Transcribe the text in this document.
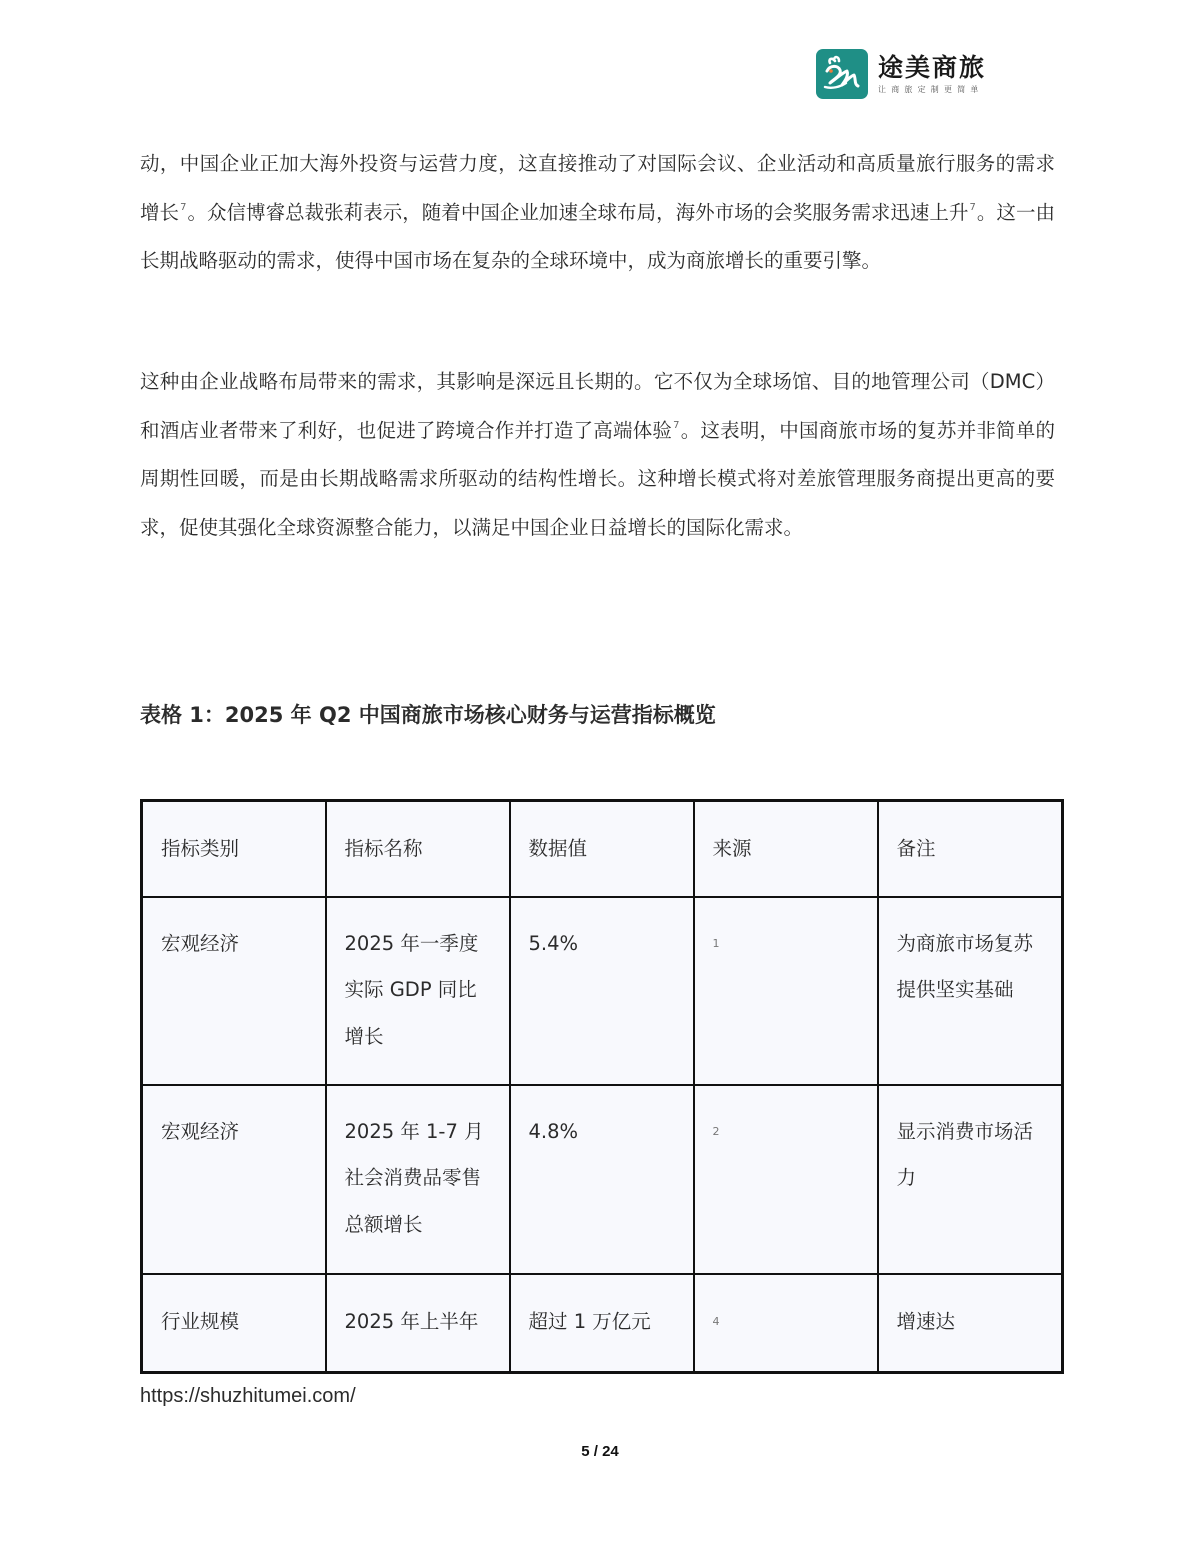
途美商旅
让商旅定制更简单

动，中国企业正加大海外投资与运营力度，这直接推动了对国际会议、企业活动和高质量旅行服务的需求增长$^7$。众信博睿总裁张莉表示，随着中国企业加速全球布局，海外市场的会奖服务需求迅速上升$^7$。这一由长期战略驱动的需求，使得中国市场在复杂的全球环境中，成为商旅增长的重要引擎。

这种由企业战略布局带来的需求，其影响是深远且长期的。它不仅为全球场馆、目的地管理公司（DMC）和酒店业者带来了利好，也促进了跨境合作并打造了高端体验$^7$。这表明，中国商旅市场的复苏并非简单的周期性回暖，而是由长期战略需求所驱动的结构性增长。这种增长模式将对差旅管理服务商提出更高的要求，促使其强化全球资源整合能力，以满足中国企业日益增长的国际化需求。

表格 1：2025 年 Q2 中国商旅市场核心财务与运营指标概览
指标类别	指标名称	数据值	来源	备注
宏观经济	2025 年一季度实际 GDP 同比增长	5.4%	1	为商旅市场复苏提供坚实基础
宏观经济	2025 年 1-7 月社会消费品零售总额增长	4.8%	2	显示消费市场活力
行业规模	2025 年上半年	超过 1 万亿元	4	增速达
https://shuzhitumei.com/
5 / 24
